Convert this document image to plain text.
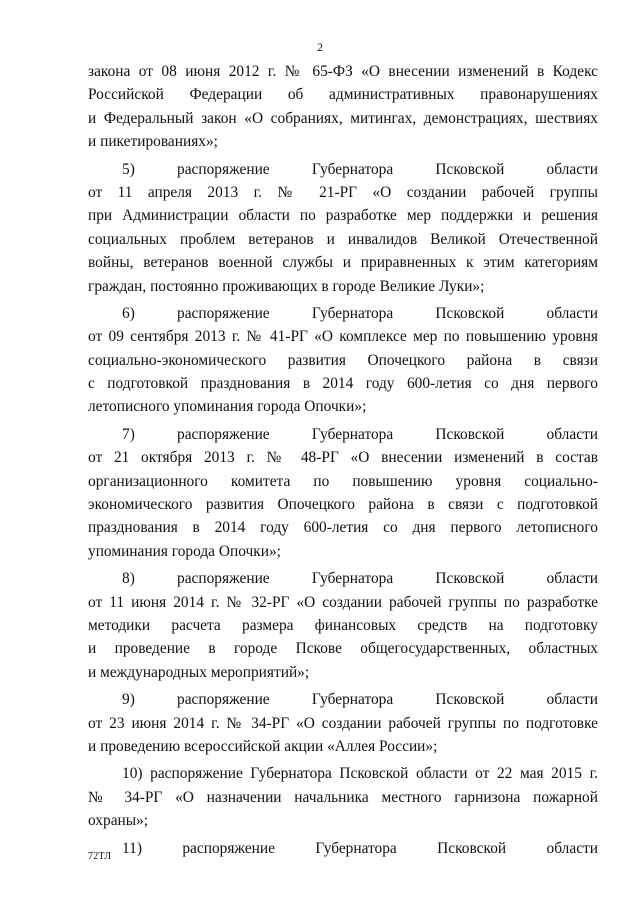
2
закона от 08 июня 2012 г. № 65-ФЗ «О внесении изменений в Кодекс
Российской Федерации об административных правонарушениях
и Федеральный закон «О собраниях, митингах, демонстрациях, шествиях
и пикетированиях»;
5) распоряжение Губернатора Псковской области
от 11 апреля 2013 г. № 21-РГ «О создании рабочей группы
при Администрации области по разработке мер поддержки и решения
социальных проблем ветеранов и инвалидов Великой Отечественной
войны, ветеранов военной службы и приравненных к этим категориям
граждан, постоянно проживающих в городе Великие Луки»;
6) распоряжение Губернатора Псковской области
от 09 сентября 2013 г. № 41-РГ «О комплексе мер по повышению уровня
социально-экономического развития Опочецкого района в связи
с подготовкой празднования в 2014 году 600-летия со дня первого
летописного упоминания города Опочки»;
7) распоряжение Губернатора Псковской области
от 21 октября 2013 г. № 48-РГ «О внесении изменений в состав
организационного комитета по повышению уровня социально-
экономического развития Опочецкого района в связи с подготовкой
празднования в 2014 году 600-летия со дня первого летописного
упоминания города Опочки»;
8) распоряжение Губернатора Псковской области
от 11 июня 2014 г. № 32-РГ «О создании рабочей группы по разработке
методики расчета размера финансовых средств на подготовку
и проведение в городе Пскове общегосударственных, областных
и международных мероприятий»;
9) распоряжение Губернатора Псковской области
от 23 июня 2014 г. № 34-РГ «О создании рабочей группы по подготовке
и проведению всероссийской акции «Аллея России»;
10) распоряжение Губернатора Псковской области от 22 мая 2015 г.
№ 34-РГ «О назначении начальника местного гарнизона пожарной
охраны»;
11) распоряжение Губернатора Псковской области
72ТЛ
